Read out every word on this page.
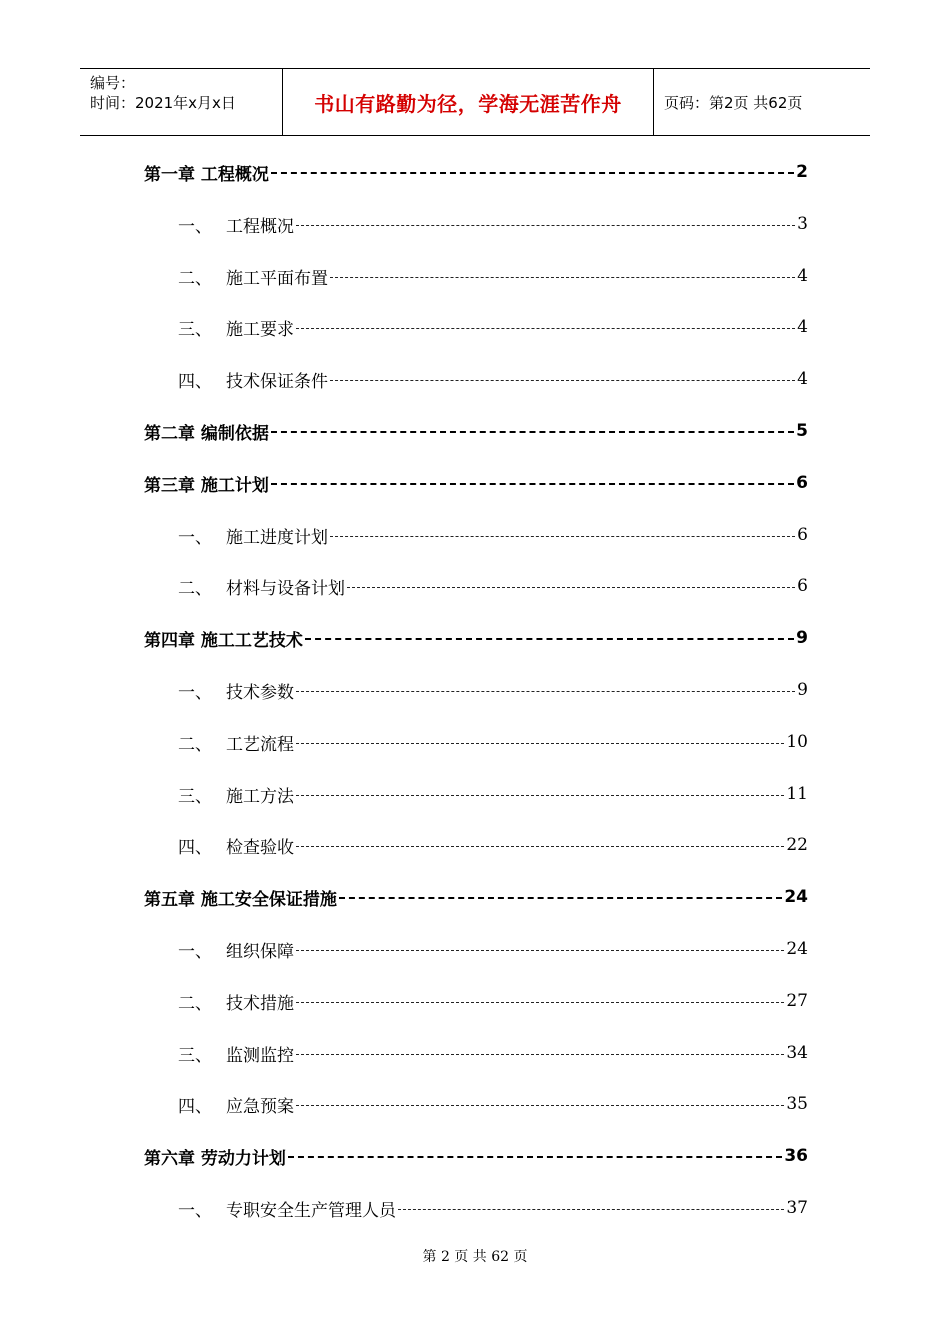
编号：
时间：2021年x月x日	书山有路勤为径，学海无涯苦作舟	页码：第2页 共62页
第一章 工程概况	2
一、 工程概况	3
二、 施工平面布置	4
三、 施工要求	4
四、 技术保证条件	4
第二章 编制依据	5
第三章 施工计划	6
一、 施工进度计划	6
二、 材料与设备计划	6
第四章 施工工艺技术	9
一、 技术参数	9
二、 工艺流程	10
三、 施工方法	11
四、 检查验收	22
第五章 施工安全保证措施	24
一、 组织保障	24
二、 技术措施	27
三、 监测监控	34
四、 应急预案	35
第六章 劳动力计划	36
一、 专职安全生产管理人员	37
第 2 页 共 62 页
